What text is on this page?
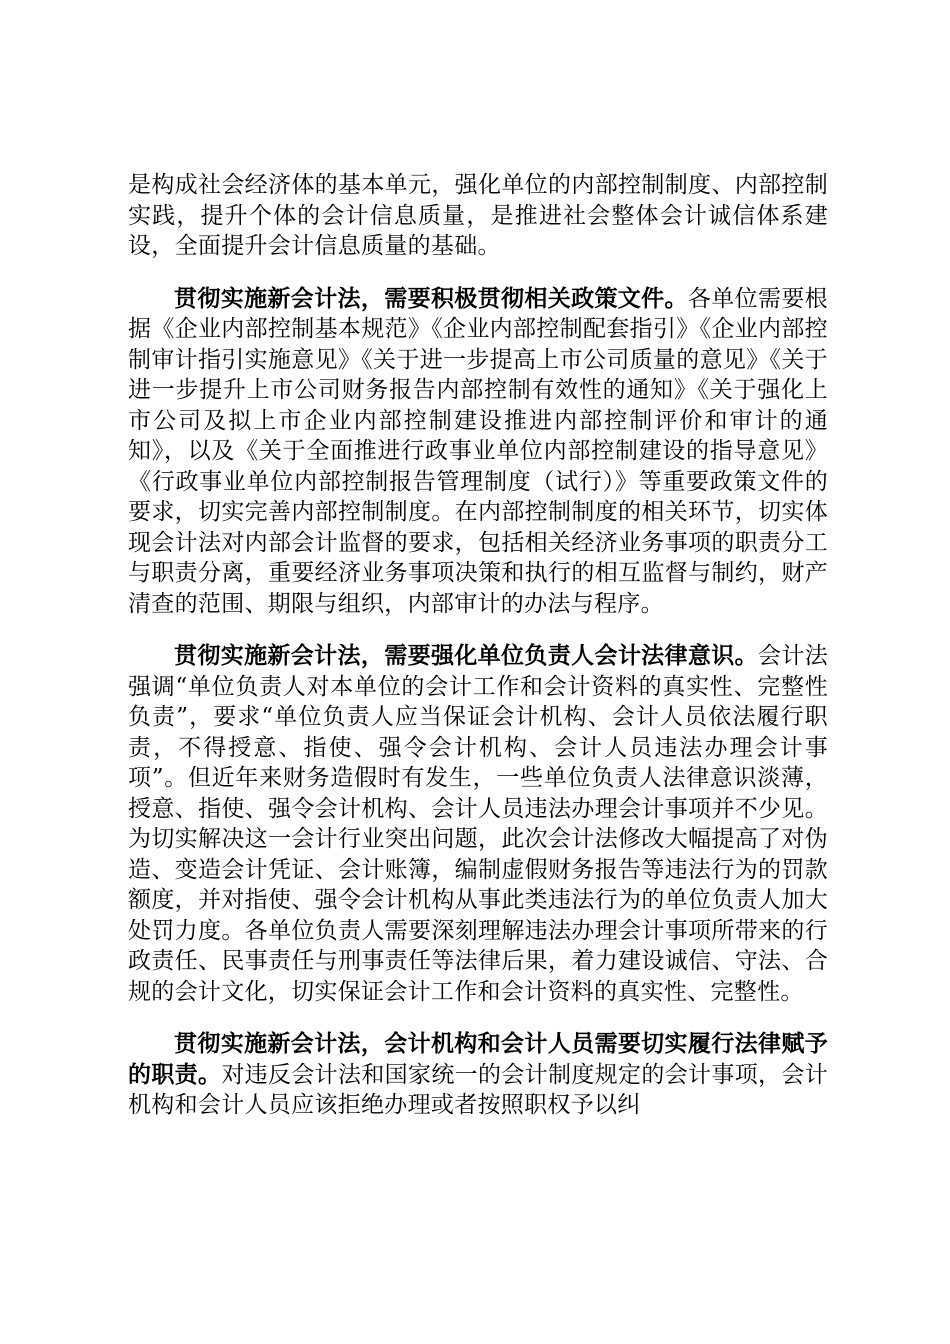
是构成社会经济体的基本单元，强化单位的内部控制制度、内部控制实践，提升个体的会计信息质量，是推进社会整体会计诚信体系建设，全面提升会计信息质量的基础。

贯彻实施新会计法，需要积极贯彻相关政策文件。各单位需要根据《企业内部控制基本规范》《企业内部控制配套指引》《企业内部控制审计指引实施意见》《关于进一步提高上市公司质量的意见》《关于进一步提升上市公司财务报告内部控制有效性的通知》《关于强化上市公司及拟上市企业内部控制建设推进内部控制评价和审计的通知》，以及《关于全面推进行政事业单位内部控制建设的指导意见》《行政事业单位内部控制报告管理制度（试行）》等重要政策文件的要求，切实完善内部控制制度。在内部控制制度的相关环节，切实体现会计法对内部会计监督的要求，包括相关经济业务事项的职责分工与职责分离，重要经济业务事项决策和执行的相互监督与制约，财产清查的范围、期限与组织，内部审计的办法与程序。

贯彻实施新会计法，需要强化单位负责人会计法律意识。会计法强调“单位负责人对本单位的会计工作和会计资料的真实性、完整性负责”，要求“单位负责人应当保证会计机构、会计人员依法履行职责，不得授意、指使、强令会计机构、会计人员违法办理会计事项”。但近年来财务造假时有发生，一些单位负责人法律意识淡薄，授意、指使、强令会计机构、会计人员违法办理会计事项并不少见。为切实解决这一会计行业突出问题，此次会计法修改大幅提高了对伪造、变造会计凭证、会计账簿，编制虚假财务报告等违法行为的罚款额度，并对指使、强令会计机构从事此类违法行为的单位负责人加大处罚力度。各单位负责人需要深刻理解违法办理会计事项所带来的行政责任、民事责任与刑事责任等法律后果，着力建设诚信、守法、合规的会计文化，切实保证会计工作和会计资料的真实性、完整性。

贯彻实施新会计法，会计机构和会计人员需要切实履行法律赋予的职责。对违反会计法和国家统一的会计制度规定的会计事项，会计机构和会计人员应该拒绝办理或者按照职权予以纠
